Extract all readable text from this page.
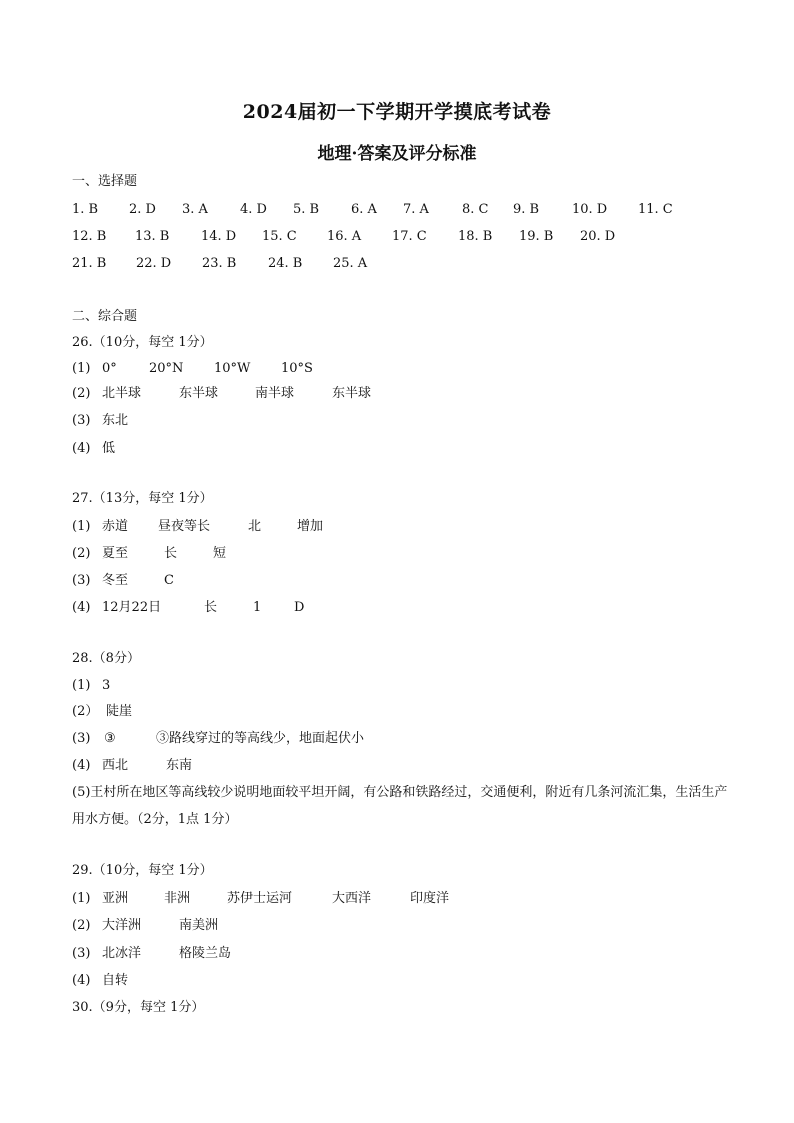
2024届初一下学期开学摸底考试卷
地理·答案及评分标准
一、选择题
1. B 2. D 3. A 4. D 5. B 6. A 7. A	8. C 9. B	10. D 11. C
12. B 13. B 14. D 15. C 16. A 17. C 18. B 19. B 20. D
21. B 22. D 23. B 24. B 25. A
二、综合题
26.（10分，每空 1分）
(1) 0° 20°N 10°W 10°S
(2) 北半球	东半球	南半球	东半球
(3) 东北
(4) 低
27.（13分，每空 1分）
(1) 赤道 昼夜等长	北	增加
(2) 夏至	长	短
(3) 冬至	C
(4) 12月22日	长	1	D
28.（8分）
(1) 3
(2） 陡崖
(3) ③	③路线穿过的等高线少，地面起伏小
(4) 西北	东南
(5)王村所在地区等高线较少说明地面较平坦开阔，有公路和铁路经过，交通便利，附近有几条河流汇集，生活生产用水方便。（2分，1点 1分）
29.（10分，每空 1分）
(1) 亚洲	非洲	苏伊士运河	大西洋	印度洋
(2) 大洋洲	南美洲
(3) 北冰洋	格陵兰岛
(4) 自转
30.（9分，每空 1分）
